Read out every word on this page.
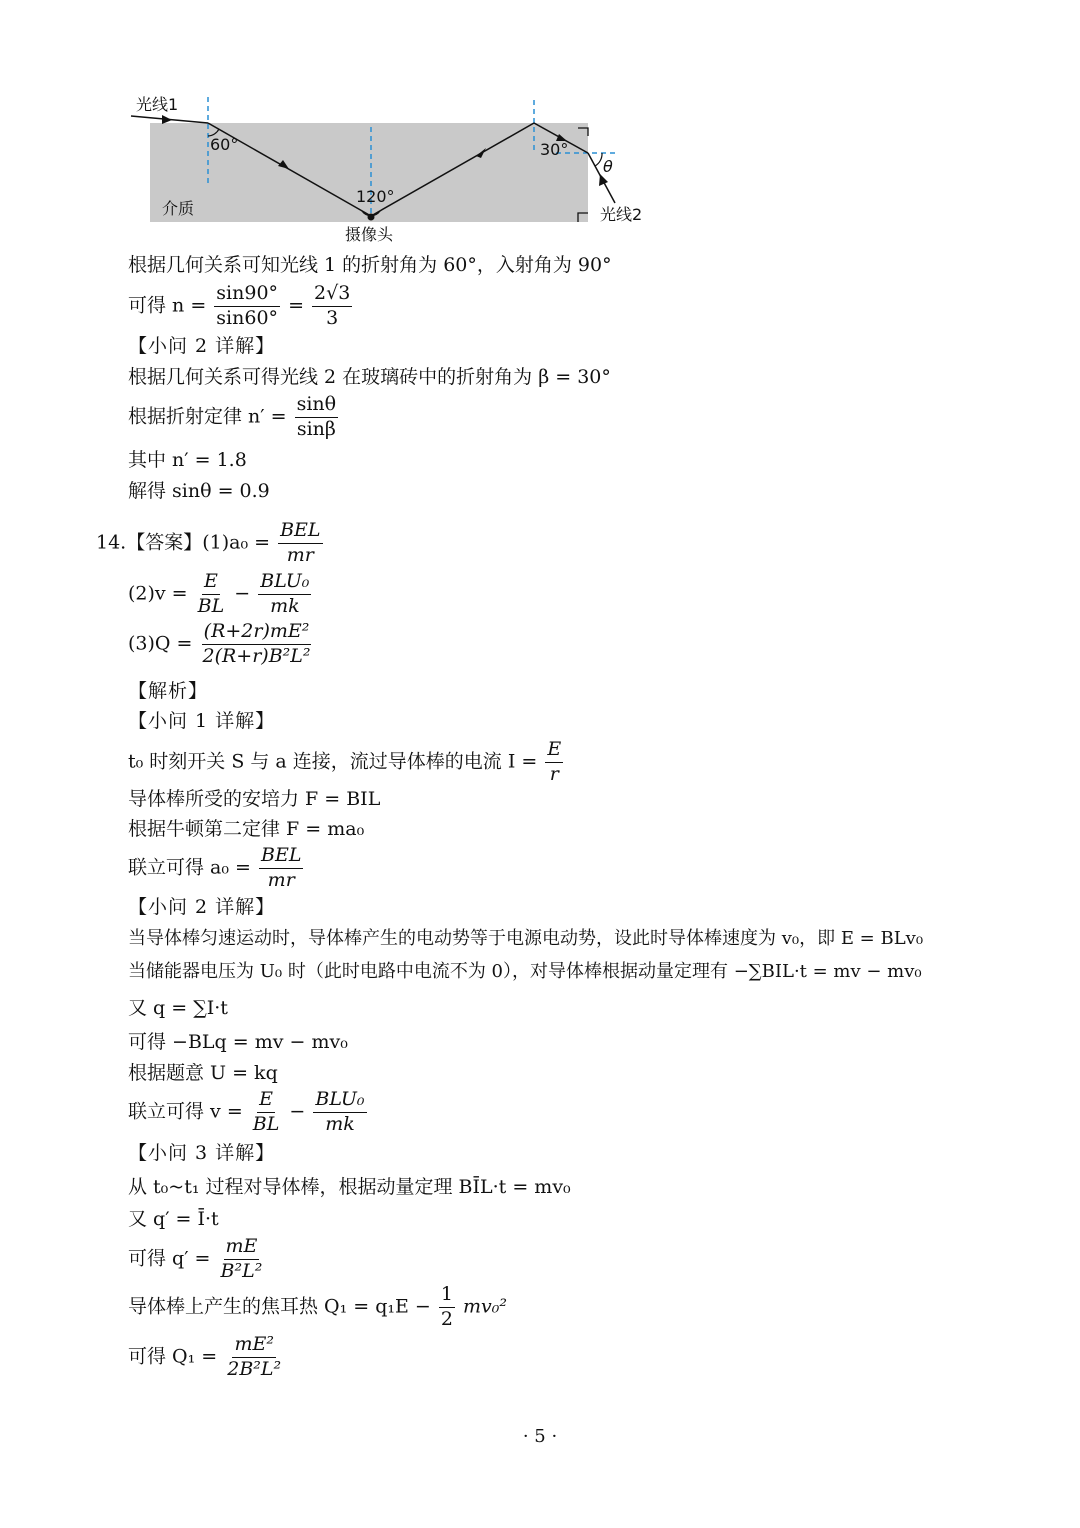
光线1
60°
120°
30°
θ
介质	光线2
摄像头
根据几何关系可知光线 1 的折射角为 60°，入射角为 90°
可得 $n = \frac{\sin 90^\circ}{\sin 60^\circ} = \frac{2√3}{3}$
【小问 2 详解】
根据几何关系可得光线 2 在玻璃砖中的折射角为 β = 30°
根据折射定律 $n' = \frac{\sin\theta}{\sin\beta}$
其中 n′ = 1.8
解得 sinθ = 0.9
14.【答案】$(1)a_0 = \frac{\text{BEL}}{mr}$
$(2)v = \frac{E}{BL} - \frac{\text{BLU₀}}{mk}$
$(3)Q = \frac{\text{(R+2r)mE²}}{\text{2(R+r)B²L²}}$
【解析】
【小问 1 详解】
t₀ 时刻开关 S 与 a 连接，流过导体棒的电流 $I = \frac{E}{r}$
导体棒所受的安培力 F = BIL
根据牛顿第二定律 F = ma₀
联立可得 $a_0 = \frac{\text{BEL}}{mr}$
【小问 2 详解】
当导体棒匀速运动时，导体棒产生的电动势等于电源电动势，设此时导体棒速度为 v₀，即 E = BLv₀
当储能器电压为 U₀ 时（此时电路中电流不为 0），对导体棒根据动量定理有 −∑BIL·t = mv − mv₀
又 q = ∑I·t
可得 −BLq = mv − mv₀
根据题意 U = kq
联立可得 $v = \frac{E}{BL} - \frac{\text{BLU₀}}{mk}$
【小问 3 详解】
从 t₀~t₁ 过程对导体棒，根据动量定理 BĪL·t = mv₀
又 q′ = Ī·t
可得 $q' = \frac{mE}{\text{B²L²}}$
导体棒上产生的焦耳热 $Q_1 = q_1E - \frac{1}{2} mv_0^2$
可得 $Q_1 = \frac{\text{mE²}}{\text{2B²L²}}$
· 5 ·
